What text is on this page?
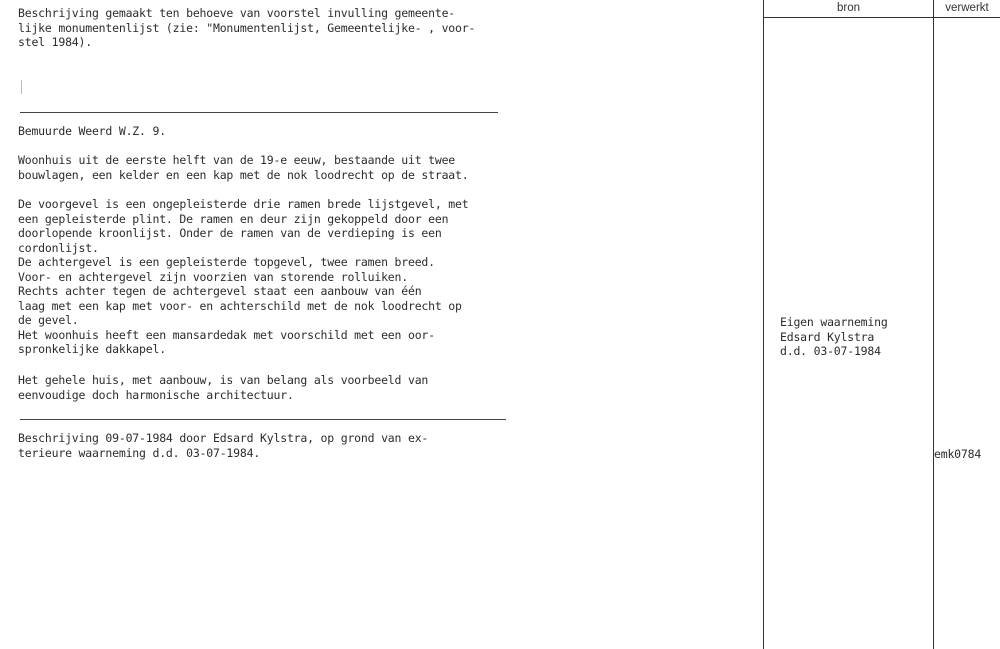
bron	verwerkt
Beschrijving gemaakt ten behoeve van voorstel invulling gemeente-
lijke monumentenlijst (zie: "Monumentenlijst, Gemeentelijke- , voor-
stel 1984).
Bemuurde Weerd W.Z. 9.
Woonhuis uit de eerste helft van de 19-e eeuw, bestaande uit twee
bouwlagen, een kelder en een kap met de nok loodrecht op de straat.
De voorgevel is een ongepleisterde drie ramen brede lijstgevel, met
een gepleisterde plint. De ramen en deur zijn gekoppeld door een
doorlopende kroonlijst. Onder de ramen van de verdieping is een
cordonlijst.
De achtergevel is een gepleisterde topgevel, twee ramen breed.
Voor- en achtergevel zijn voorzien van storende rolluiken.
Rechts achter tegen de achtergevel staat een aanbouw van één
laag met een kap met voor- en achterschild met de nok loodrecht op
de gevel.
Het woonhuis heeft een mansardedak met voorschild met een oor-
spronkelijke dakkapel.
Het gehele huis, met aanbouw, is van belang als voorbeeld van
eenvoudige doch harmonische architectuur.
Beschrijving 09-07-1984 door Edsard Kylstra, op grond van ex-
terieure waarneming d.d. 03-07-1984.
Eigen waarneming
Edsard Kylstra
d.d. 03-07-1984
emk0784
